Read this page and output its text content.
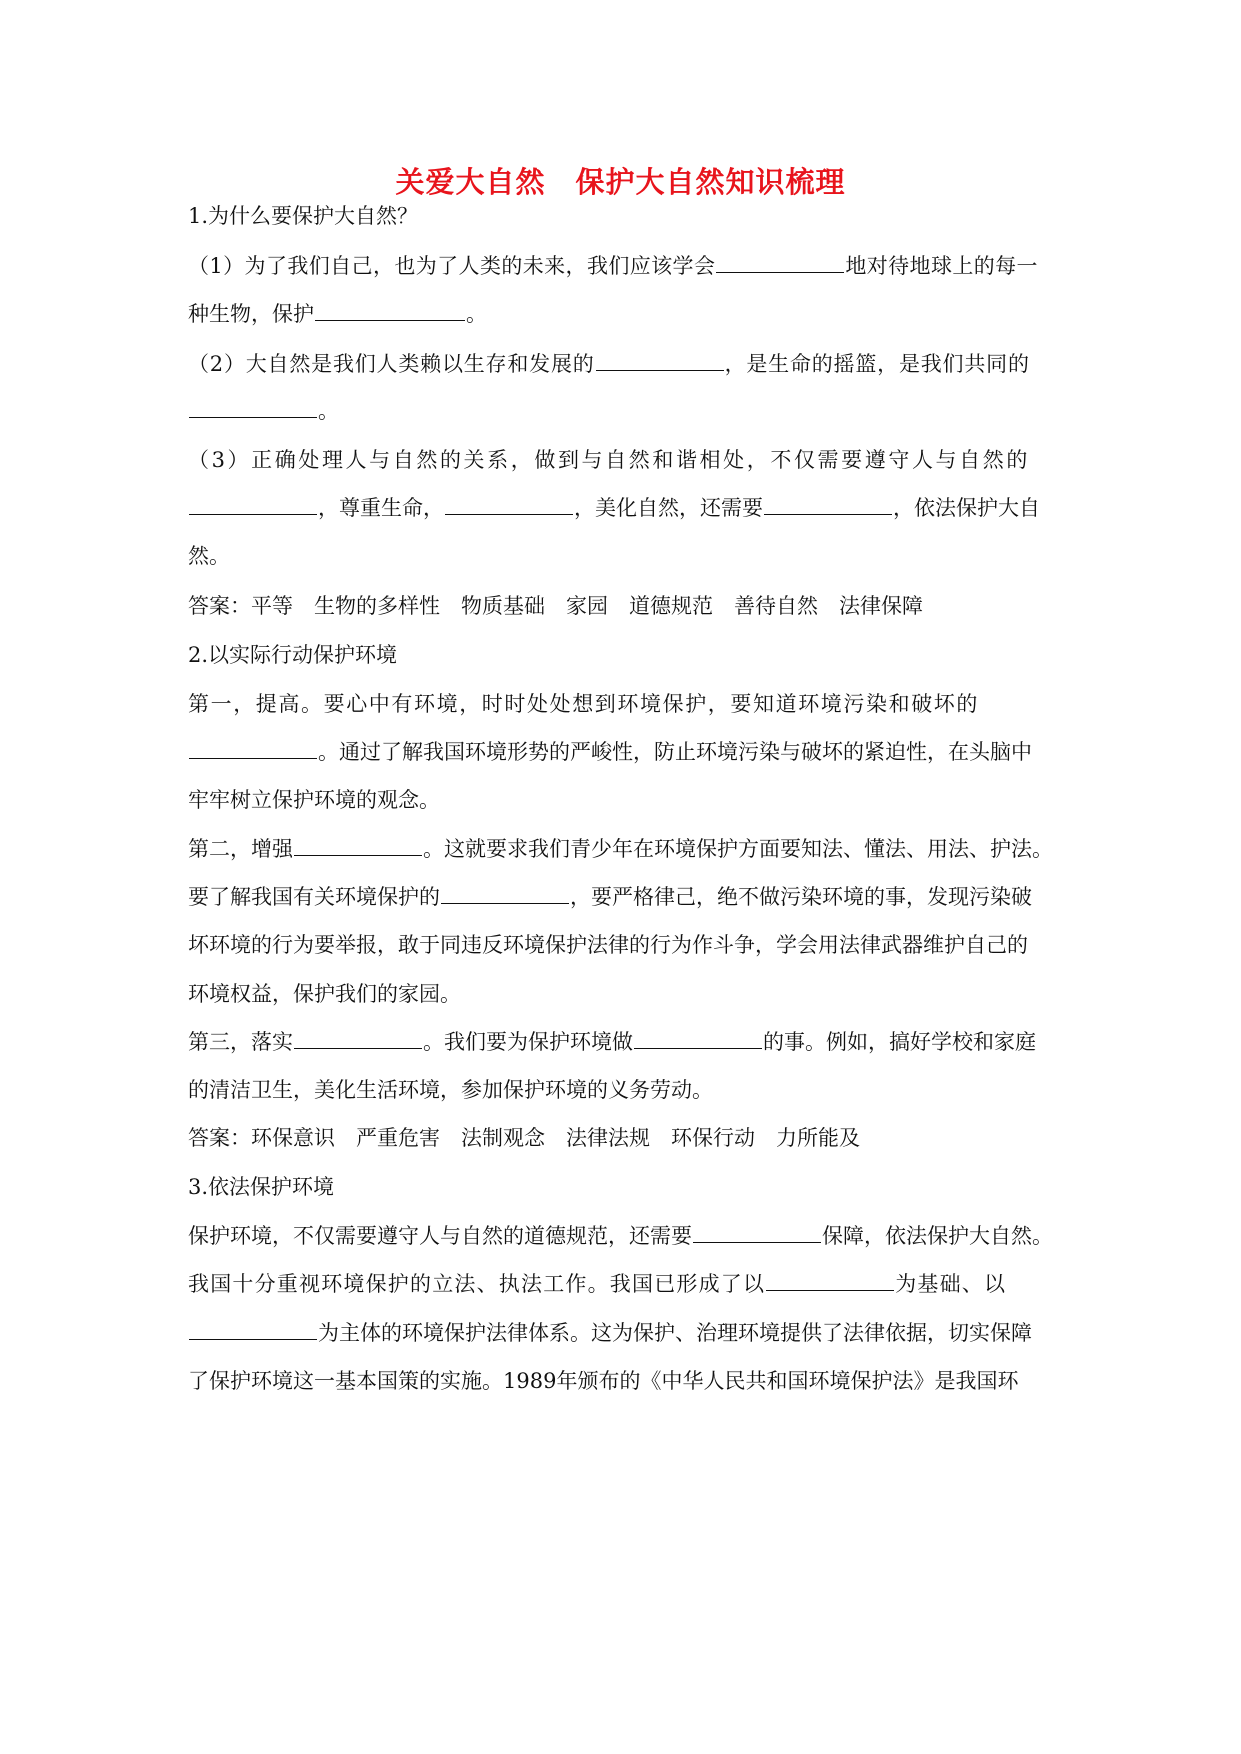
关爱大自然　保护大自然知识梳理
1.为什么要保护大自然？
（1）为了我们自己，也为了人类的未来，我们应该学会	地对待地球上的每一
种生物，保护	。
（2）大自然是我们人类赖以生存和发展的	，是生命的摇篮，是我们共同的
。
（3）正确处理人与自然的关系，做到与自然和谐相处，不仅需要遵守人与自然的
，尊重生命，	，美化自然，还需要	，依法保护大自
然。
答案：平等　生物的多样性　物质基础　家园　道德规范　善待自然　法律保障
2.以实际行动保护环境
第一，提高。要心中有环境，时时处处想到环境保护，要知道环境污染和破坏的
。通过了解我国环境形势的严峻性，防止环境污染与破坏的紧迫性，在头脑中
牢牢树立保护环境的观念。
第二，增强	。这就要求我们青少年在环境保护方面要知法、懂法、用法、护法。
要了解我国有关环境保护的	，要严格律己，绝不做污染环境的事，发现污染破
坏环境的行为要举报，敢于同违反环境保护法律的行为作斗争，学会用法律武器维护自己的
环境权益，保护我们的家园。
第三，落实	。我们要为保护环境做	的事。例如，搞好学校和家庭
的清洁卫生，美化生活环境，参加保护环境的义务劳动。
答案：环保意识　严重危害　法制观念　法律法规　环保行动　力所能及
3.依法保护环境
保护环境，不仅需要遵守人与自然的道德规范，还需要	保障，依法保护大自然。
我国十分重视环境保护的立法、执法工作。我国已形成了以	为基础、以
为主体的环境保护法律体系。这为保护、治理环境提供了法律依据，切实保障
了保护环境这一基本国策的实施。1989年颁布的《中华人民共和国环境保护法》是我国环
